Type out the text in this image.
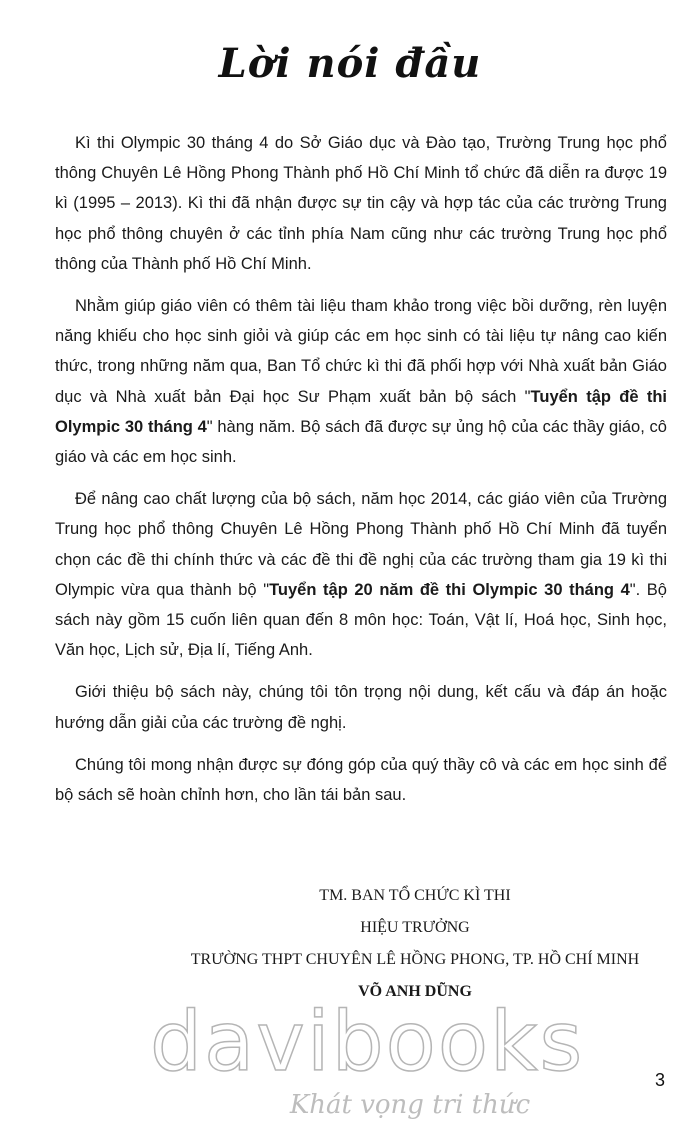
Lời nói đầu

Kì thi Olympic 30 tháng 4 do Sở Giáo dục và Đào tạo, Trường Trung học phổ thông Chuyên Lê Hồng Phong Thành phố Hồ Chí Minh tổ chức đã diễn ra được 19 kì (1995 – 2013). Kì thi đã nhận được sự tin cậy và hợp tác của các trường Trung học phổ thông chuyên ở các tỉnh phía Nam cũng như các trường Trung học phổ thông của Thành phố Hồ Chí Minh.

Nhằm giúp giáo viên có thêm tài liệu tham khảo trong việc bồi dưỡng, rèn luyện năng khiếu cho học sinh giỏi và giúp các em học sinh có tài liệu tự nâng cao kiến thức, trong những năm qua, Ban Tổ chức kì thi đã phối hợp với Nhà xuất bản Giáo dục và Nhà xuất bản Đại học Sư Phạm xuất bản bộ sách "Tuyển tập đề thi Olympic 30 tháng 4" hàng năm. Bộ sách đã được sự ủng hộ của các thầy giáo, cô giáo và các em học sinh.

Để nâng cao chất lượng của bộ sách, năm học 2014, các giáo viên của Trường Trung học phổ thông Chuyên Lê Hồng Phong Thành phố Hồ Chí Minh đã tuyển chọn các đề thi chính thức và các đề thi đề nghị của các trường tham gia 19 kì thi Olympic vừa qua thành bộ "Tuyển tập 20 năm đề thi Olympic 30 tháng 4". Bộ sách này gồm 15 cuốn liên quan đến 8 môn học: Toán, Vật lí, Hoá học, Sinh học, Văn học, Lịch sử, Địa lí, Tiếng Anh.

Giới thiệu bộ sách này, chúng tôi tôn trọng nội dung, kết cấu và đáp án hoặc hướng dẫn giải của các trường đề nghị.

Chúng tôi mong nhận được sự đóng góp của quý thầy cô và các em học sinh để bộ sách sẽ hoàn chỉnh hơn, cho lần tái bản sau.

TM. BAN TỔ CHỨC KÌ THI
HIỆU TRƯỞNG
TRƯỜNG THPT CHUYÊN LÊ HỒNG PHONG, TP. HỒ CHÍ MINH
VÕ ANH DŨNG
davibooks
Khát vọng tri thức
3
